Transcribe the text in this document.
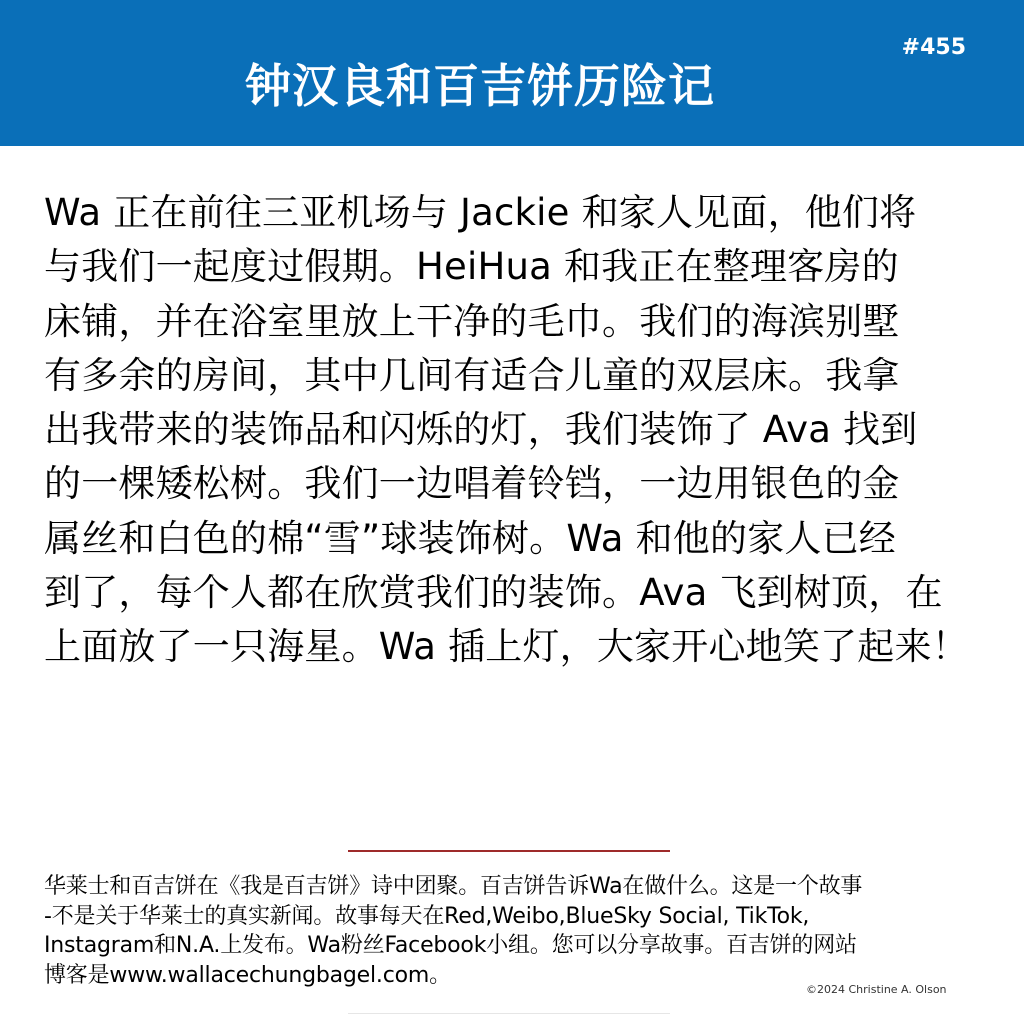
钟汉良和百吉饼历险记
#455
Wa 正在前往三亚机场与 Jackie 和家人见面，他们将
与我们一起度过假期。HeiHua 和我正在整理客房的
床铺，并在浴室里放上干净的毛巾。我们的海滨别墅
有多余的房间，其中几间有适合儿童的双层床。我拿
出我带来的装饰品和闪烁的灯，我们装饰了 Ava 找到
的一棵矮松树。我们一边唱着铃铛，一边用银色的金
属丝和白色的棉“雪”球装饰树。Wa 和他的家人已经
到了，每个人都在欣赏我们的装饰。Ava 飞到树顶，在
上面放了一只海星。Wa 插上灯，大家开心地笑了起来！
华莱士和百吉饼在《我是百吉饼》诗中团聚。百吉饼告诉Wa在做什么。这是一个故事
-不是关于华莱士的真实新闻。故事每天在Red,Weibo,BlueSky Social, TikTok,
Instagram和N.A.上发布。Wa粉丝Facebook小组。您可以分享故事。百吉饼的网站
博客是www.wallacechungbagel.com。
©2024 Christine A. Olson
